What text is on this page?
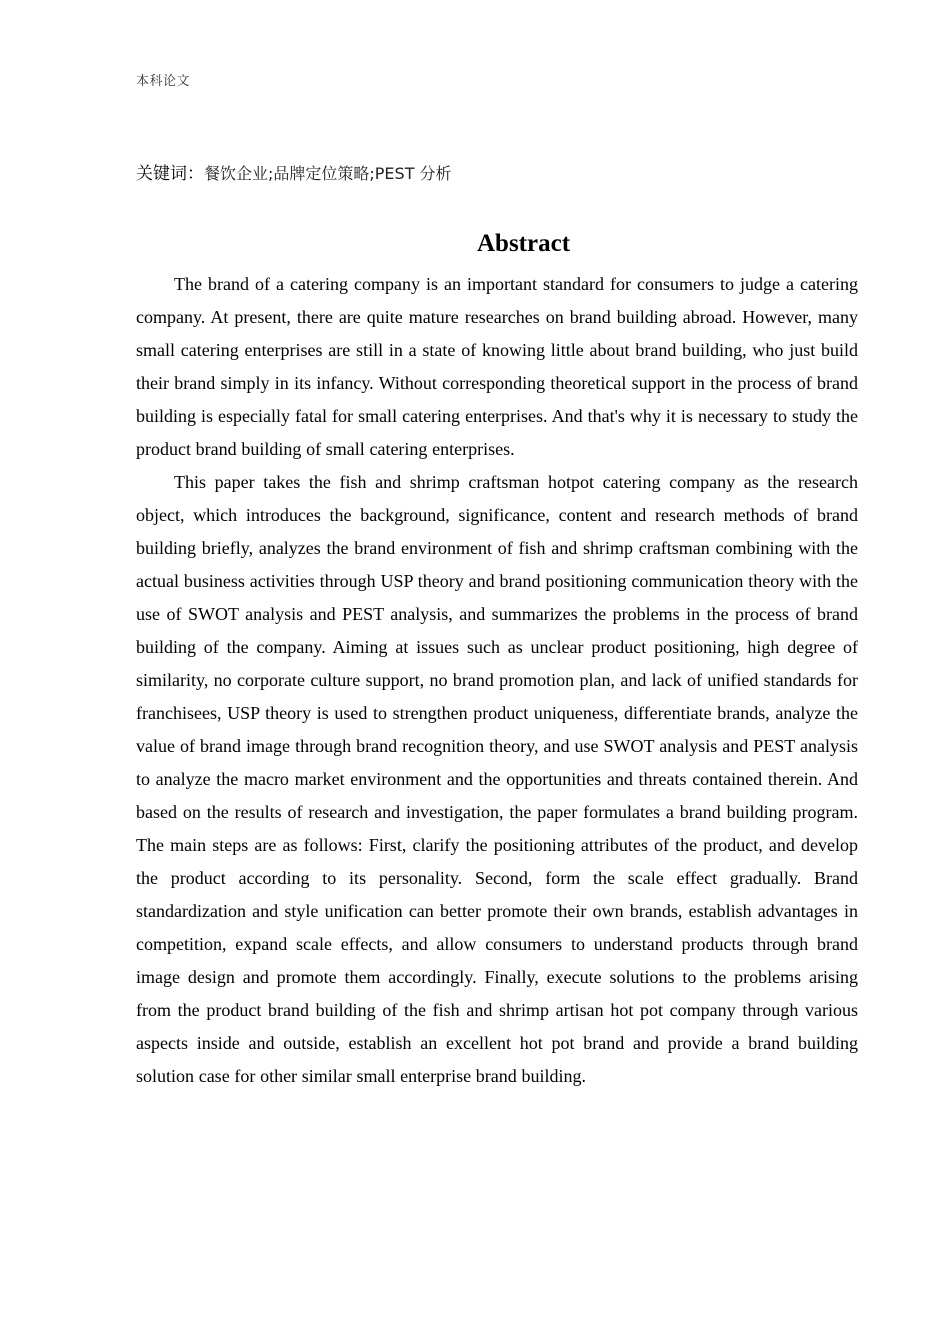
本科论文
关键词：餐饮企业;品牌定位策略;PEST 分析
Abstract

The brand of a catering company is an important standard for consumers to judge a catering company. At present, there are quite mature researches on brand building abroad. However, many small catering enterprises are still in a state of knowing little about brand building, who just build their brand simply in its infancy. Without corresponding theoretical support in the process of brand building is especially fatal for small catering enterprises. And that's why it is necessary to study the product brand building of small catering enterprises.

This paper takes the fish and shrimp craftsman hotpot catering company as the research object, which introduces the background, significance, content and research methods of brand building briefly, analyzes the brand environment of fish and shrimp craftsman combining with the actual business activities through USP theory and brand positioning communication theory with the use of SWOT analysis and PEST analysis, and summarizes the problems in the process of brand building of the company. Aiming at issues such as unclear product positioning, high degree of similarity, no corporate culture support, no brand promotion plan, and lack of unified standards for franchisees, USP theory is used to strengthen product uniqueness, differentiate brands, analyze the value of brand image through brand recognition theory, and use SWOT analysis and PEST analysis to analyze the macro market environment and the opportunities and threats contained therein. And based on the results of research and investigation, the paper formulates a brand building program. The main steps are as follows: First, clarify the positioning attributes of the product, and develop the product according to its personality. Second, form the scale effect gradually. Brand standardization and style unification can better promote their own brands, establish advantages in competition, expand scale effects, and allow consumers to understand products through brand image design and promote them accordingly. Finally, execute solutions to the problems arising from the product brand building of the fish and shrimp artisan hot pot company through various aspects inside and outside, establish an excellent hot pot brand and provide a brand building solution case for other similar small enterprise brand building.
